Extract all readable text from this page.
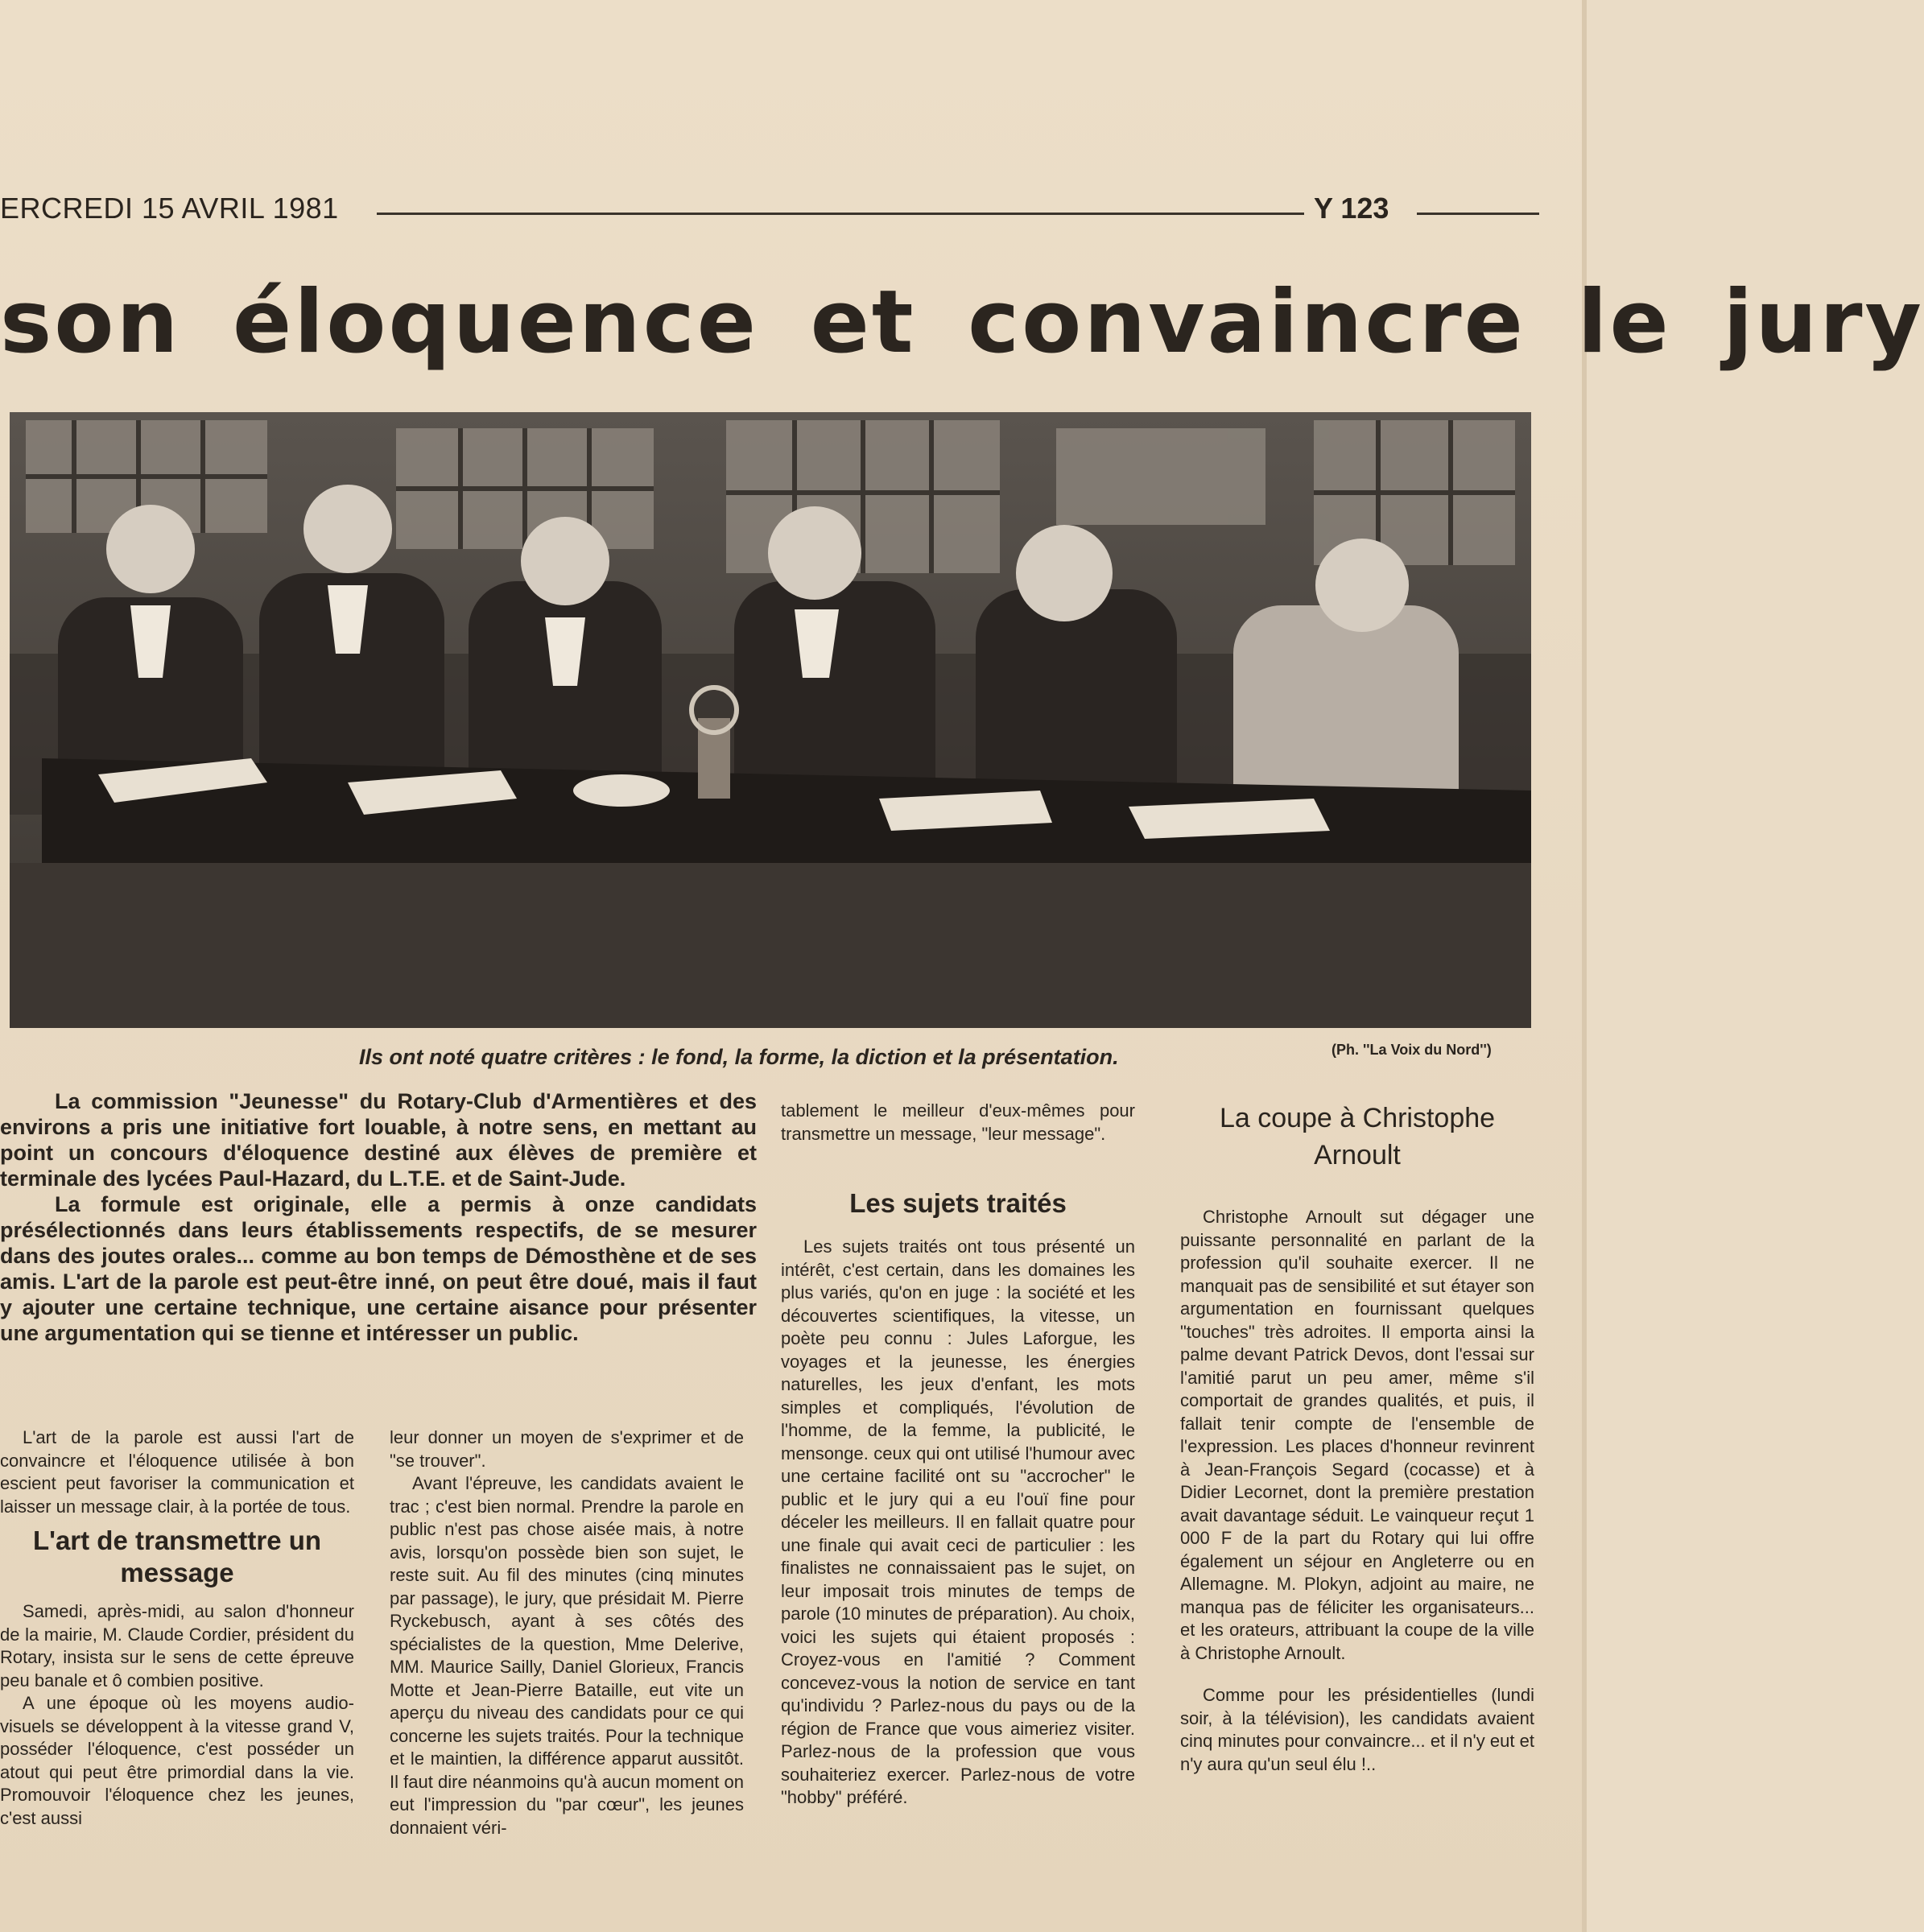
ERCREDI 15 AVRIL 1981	Y 123
son éloquence et convaincre le jury
Ils ont noté quatre critères : le fond, la forme, la diction et la présentation.	(Ph. ''La Voix du Nord'')

La commission "Jeunesse" du Rotary-Club d'Armentières et des environs a pris une initiative fort louable, à notre sens, en mettant au point un concours d'éloquence destiné aux élèves de première et terminale des lycées Paul-Hazard, du L.T.E. et de Saint-Jude.

La formule est originale, elle a permis à onze candidats présélectionnés dans leurs établissements respectifs, de se mesurer dans des joutes orales... comme au bon temps de Démosthène et de ses amis. L'art de la parole est peut-être inné, on peut être doué, mais il faut y ajouter une certaine technique, une certaine aisance pour présenter une argumentation qui se tienne et intéresser un public.

L'art de la parole est aussi l'art de convaincre et l'éloquence utilisée à bon escient peut favoriser la communication et laisser un message clair, à la portée de tous.

L'art de transmettre un message

Samedi, après-midi, au salon d'honneur de la mairie, M. Claude Cordier, président du Rotary, insista sur le sens de cette épreuve peu banale et ô combien positive.

A une époque où les moyens audio-visuels se développent à la vitesse grand V, posséder l'éloquence, c'est posséder un atout qui peut être primordial dans la vie. Promouvoir l'éloquence chez les jeunes, c'est aussi

leur donner un moyen de s'exprimer et de "se trouver".

Avant l'épreuve, les candidats avaient le trac ; c'est bien normal. Prendre la parole en public n'est pas chose aisée mais, à notre avis, lorsqu'on possède bien son sujet, le reste suit. Au fil des minutes (cinq minutes par passage), le jury, que présidait M. Pierre Ryckebusch, ayant à ses côtés des spécialistes de la question, Mme Delerive, MM. Maurice Sailly, Daniel Glorieux, Francis Motte et Jean-Pierre Bataille, eut vite un aperçu du niveau des candidats pour ce qui concerne les sujets traités. Pour la technique et le maintien, la différence apparut aussitôt. Il faut dire néanmoins qu'à aucun moment on eut l'impression du "par cœur", les jeunes donnaient véri-

tablement le meilleur d'eux-mêmes pour transmettre un message, "leur message".

Les sujets traités

Les sujets traités ont tous présenté un intérêt, c'est certain, dans les domaines les plus variés, qu'on en juge : la société et les découvertes scientifiques, la vitesse, un poète peu connu : Jules Laforgue, les voyages et la jeunesse, les énergies naturelles, les jeux d'enfant, les mots simples et compliqués, l'évolution de l'homme, de la femme, la publicité, le mensonge. ceux qui ont utilisé l'humour avec une certaine facilité ont su "accrocher" le public et le jury qui a eu l'ouï fine pour déceler les meilleurs. Il en fallait quatre pour une finale qui avait ceci de particulier : les finalistes ne connaissaient pas le sujet, on leur imposait trois minutes de temps de parole (10 minutes de préparation). Au choix, voici les sujets qui étaient proposés : Croyez-vous en l'amitié ? Comment concevez-vous la notion de service en tant qu'individu ? Parlez-nous du pays ou de la région de France que vous aimeriez visiter. Parlez-nous de la profession que vous souhaiteriez exercer. Parlez-nous de votre "hobby" préféré.

La coupe à Christophe Arnoult

Christophe Arnoult sut dégager une puissante personnalité en parlant de la profession qu'il souhaite exercer. Il ne manquait pas de sensibilité et sut étayer son argumentation en fournissant quelques "touches" très adroites. Il emporta ainsi la palme devant Patrick Devos, dont l'essai sur l'amitié parut un peu amer, même s'il comportait de grandes qualités, et puis, il fallait tenir compte de l'ensemble de l'expression. Les places d'honneur revinrent à Jean-François Segard (cocasse) et à Didier Lecornet, dont la première prestation avait davantage séduit. Le vainqueur reçut 1 000 F de la part du Rotary qui lui offre également un séjour en Angleterre ou en Allemagne. M. Plokyn, adjoint au maire, ne manqua pas de féliciter les organisateurs... et les orateurs, attribuant la coupe de la ville à Christophe Arnoult.

Comme pour les présidentielles (lundi soir, à la télévision), les candidats avaient cinq minutes pour convaincre... et il n'y eut et n'y aura qu'un seul élu !..
